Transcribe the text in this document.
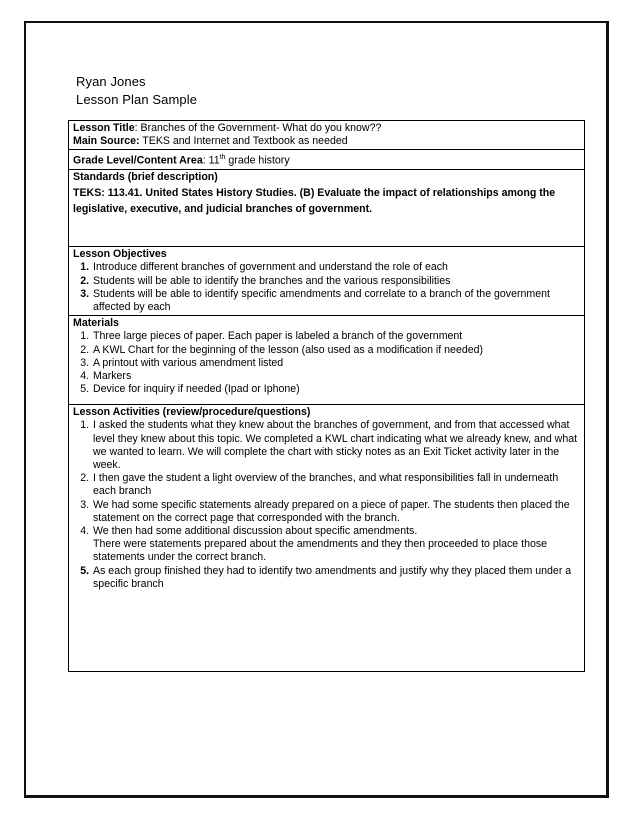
Ryan Jones
Lesson Plan Sample
Lesson Title: Branches of the Government- What do you know??
Main Source: TEKS and Internet and Textbook as needed

Grade Level/Content Area: 11th grade history

Standards (brief description)
TEKS: 113.41. United States History Studies. (B) Evaluate the impact of relationships among the legislative, executive, and judicial branches of government.

Lesson Objectives
1. Introduce different branches of government and understand the role of each
2. Students will be able to identify the branches and the various responsibilities
3. Students will be able to identify specific amendments and correlate to a branch of the government affected by each

Materials
1. Three large pieces of paper. Each paper is labeled a branch of the government
2. A KWL Chart for the beginning of the lesson (also used as a modification if needed)
3. A printout with various amendment listed
4. Markers
5. Device for inquiry if needed (Ipad or Iphone)

Lesson Activities (review/procedure/questions)
1. I asked the students what they knew about the branches of government, and from that accessed what level they knew about this topic. We completed a KWL chart indicating what we already knew, and what we wanted to learn. We will complete the chart with sticky notes as an Exit Ticket activity later in the week.
2. I then gave the student a light overview of the branches, and what responsibilities fall in underneath each branch
3. We had some specific statements already prepared on a piece of paper. The students then placed the statement on the correct page that corresponded with the branch.
4. We then had some additional discussion about specific amendments.
There were statements prepared about the amendments and they then proceeded to place those statements under the correct branch.
5. As each group finished they had to identify two amendments and justify why they placed them under a specific branch
